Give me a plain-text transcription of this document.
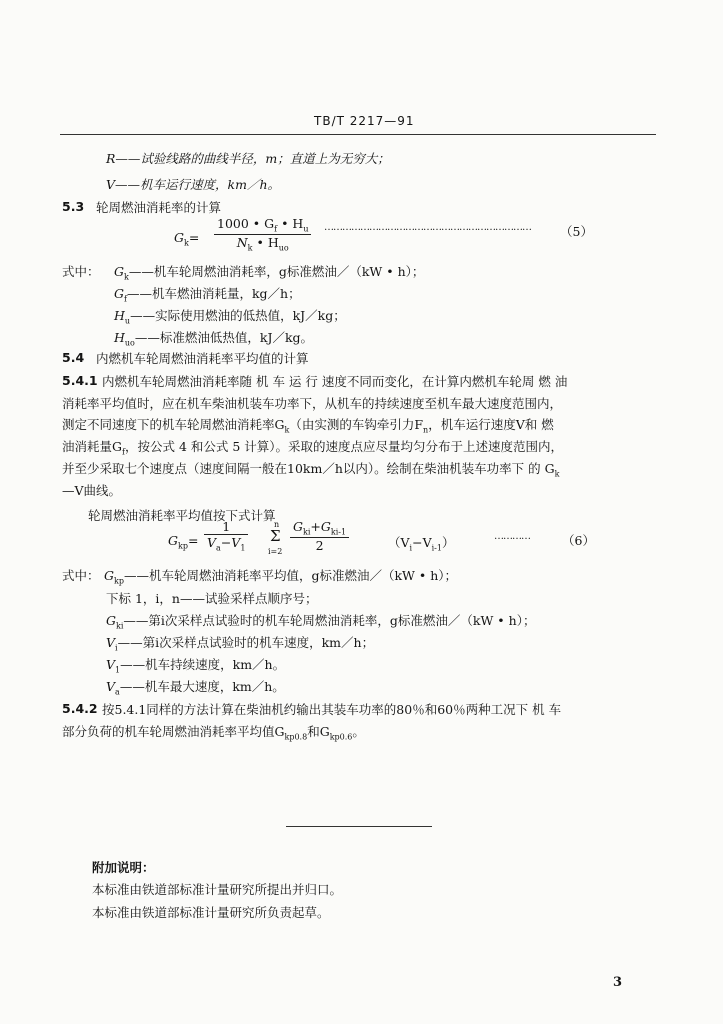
TB/T 2217—91
R——试验线路的曲线半径，m；直道上为无穷大；
V——机车运行速度，km／h。
5.3 轮周燃油消耗率的计算
$G_k=$
1000 • $G_f$ • $H_u$
$N_k$ • $H_{uo}$
…………………………………………………………… （5）
式中： $G_k——$机车轮周燃油消耗率，g标准燃油／（kW • h）；
$G_f——$机车燃油消耗量，kg／h；
$H_u——$实际使用燃油的低热值，kJ／kg；
$H_{uo}——$标准燃油低热值，kJ／kg。
5.4 内燃机车轮周燃油消耗率平均值的计算
5.4.1 内燃机车轮周燃油消耗率随 机 车 运 行 速度不同而变化，在计算内燃机车轮周 燃 油
消耗率平均值时，应在机车柴油机装车功率下，从机车的持续速度至机车最大速度范围内，
测定不同速度下的机车轮周燃油消耗率$G_k$（由实测的车钩牵引力$F_n$，机车运行速度V和 燃
油消耗量$G_f$，按公式 4 和公式 5 计算）。采取的速度点应尽量均匀分布于上述速度范围内，
并至少采取七个速度点（速度间隔一般在10km／h以内）。绘制在柴油机装车功率下 的 $G_k$
—V曲线。
轮周燃油消耗率平均值按下式计算
$G_{kp}= \frac{1}{V_a-V_1}$	n
Σ
i=2
$G_{ki}+G_{ki-1}$
2	$(V_i-V_{i-1})$	…………	（6）
式中： $G_{kp}——$机车轮周燃油消耗率平均值，g标准燃油／（kW • h）；
下标 1，i，n——试验采样点顺序号；
$G_{ki}——$第i次采样点试验时的机车轮周燃油消耗率，g标准燃油／（kW • h）；
$V_i——$第i次采样点试验时的机车速度，km／h；
$V_1——$机车持续速度，km／h。
$V_a——$机车最大速度，km／h。
5.4.2 按5.4.1同样的方法计算在柴油机约输出其装车功率的80％和60％两种工况下 机 车
部分负荷的机车轮周燃油消耗率平均值$G_{kp0.8}$和$G_{kp0.6}$。
附加说明：
本标准由铁道部标准计量研究所提出并归口。
本标准由铁道部标准计量研究所负责起草。
3
